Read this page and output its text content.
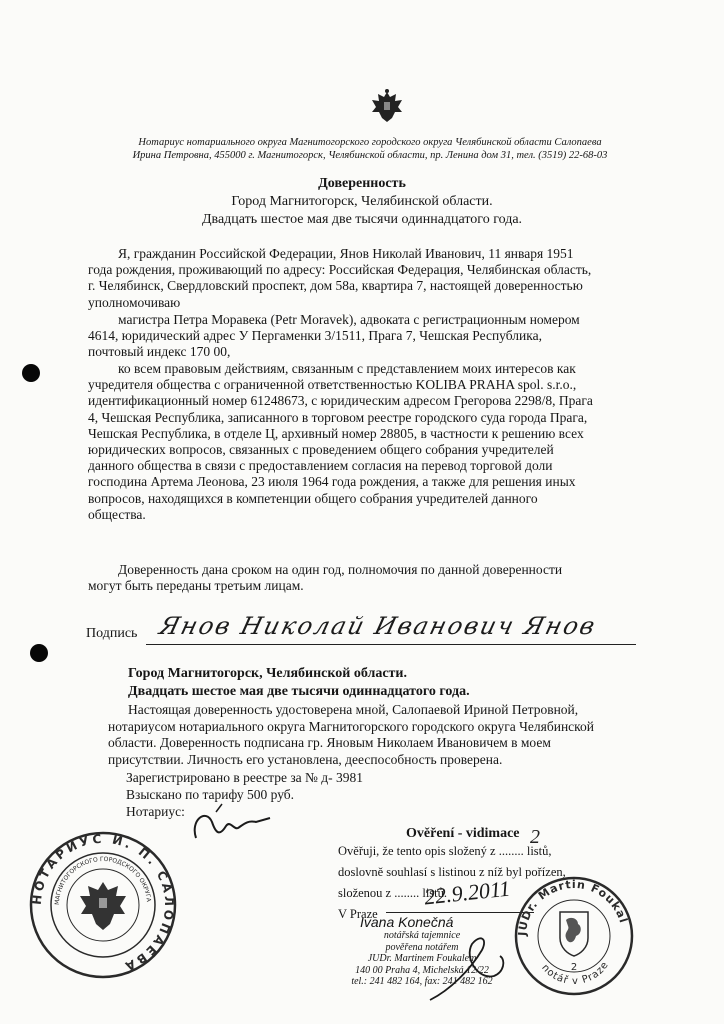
Нотариус нотариального округа Магнитогорского городского округа Челябинской области Салопаева
Ирина Петровна, 455000 г. Магнитогорск, Челябинской области, пр. Ленина дом 31, тел. (3519) 22-68-03
Доверенность
Город Магнитогорск, Челябинской области.
Двадцать шестое мая две тысячи одиннадцатого года.
Я, гражданин Российской Федерации, Янов Николай Иванович, 11 января 1951
года рождения, проживающий по адресу: Российская Федерация, Челябинская область,
г. Челябинск, Свердловский проспект, дом 58а, квартира 7, настоящей доверенностью
уполномочиваю
магистра Петра Моравека (Petr Moravek), адвоката с регистрационным номером
4614, юридический адрес У Пергаменки 3/1511, Прага 7, Чешская Республика,
почтовый индекс 170 00,
ко всем правовым действиям, связанным с представлением моих интересов как
учредителя общества с ограниченной ответственностью KOLIBA PRAHA spol. s.r.o.,
идентификационный номер 61248673, с юридическим адресом Грегорова 2298/8, Прага
4, Чешская Республика, записанного в торговом реестре городского суда города Прага,
Чешская Республика, в отделе Ц, архивный номер 28805, в частности к решению всех
юридических вопросов, связанных с проведением общего собрания учредителей
данного общества в связи с предоставлением согласия на перевод торговой доли
господина Артема Леонова, 23 июля 1964 года рождения, а также для решения иных
вопросов, находящихся в компетенции общего собрания учредителей данного
общества.
Доверенность дана сроком на один год, полномочия по данной доверенности
могут быть переданы третьим лицам.
Подпись Янов Николай Иванович Янов
Город Магнитогорск, Челябинской области.
Двадцать шестое мая две тысячи одиннадцатого года.
Настоящая доверенность удостоверена мной, Салопаевой Ириной Петровной,
нотариусом нотариального округа Магнитогорского городского округа Челябинской
области. Доверенность подписана гр. Яновым Николаем Ивановичем в моем
присутствии. Личность его установлена, дееспособность проверена.
Зарегистрировано в реестре за № д- 3981
Взыскано по тарифу 500 руб.
Нотариус:
НОТАРИУС И. П. САЛОПАЕВА
МАГНИТОГОРСКОГО ГОРОДСКОГО ОКРУГА
Ověření - vidimace
Ověřuji, že tento opis složený z ........ listů,
doslovně souhlasí s listinou z níž byl pořízen,
složenou z ........ listů.
V Praze
2
22.9.2011
Ivana Konečná
notářská tajemnice
pověřena notářem
JUDr. Martinem Foukalem
140 00 Praha 4, Michelská 12/22
tel.: 241 482 164, fax: 241 482 162
JUDr. Martin Foukal
notář v Praze
2
